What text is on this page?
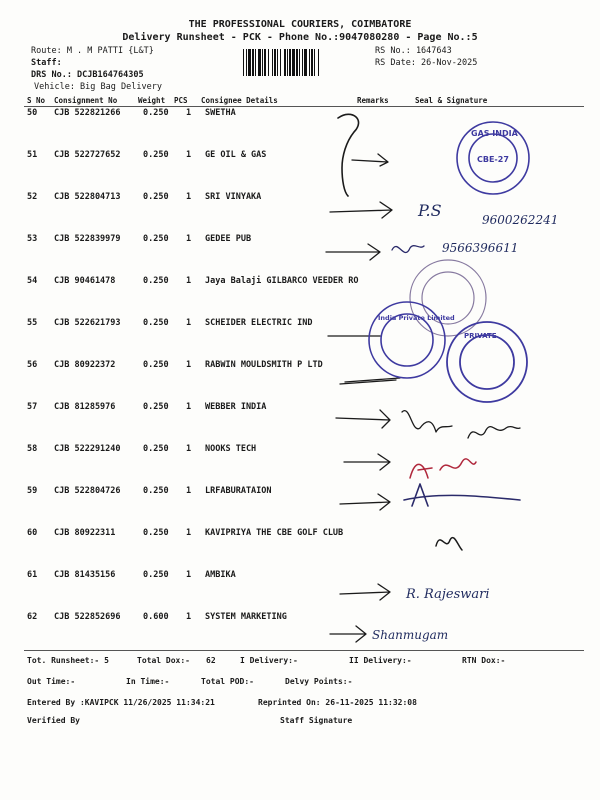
THE PROFESSIONAL COURIERS, COIMBATORE
Delivery Runsheet - PCK - Phone No.:9047080280 - Page No.:5
Route: M . M PATTI {L&T}
Staff:
DRS No.: DCJB164764305
Vehicle: Big Bag Delivery
RS No.: 1647643
RS Date: 26-Nov-2025
S No Consignment No	Weight PCS Consignee Details	Remarks	Seal & Signature
50 CJB 522821266	0.250 1 SWETHA
51 CJB 522727652	0.250 1 GE OIL & GAS
52 CJB 522804713	0.250 1 SRI VINYAKA
53 CJB 522839979	0.250 1 GEDEE PUB
54 CJB 90461478	0.250 1 Jaya Balaji GILBARCO VEEDER RO
55 CJB 522621793	0.250 1 SCHEIDER ELECTRIC IND
56 CJB 80922372	0.250 1 RABWIN MOULDSMITH P LTD
57 CJB 81285976	0.250 1 WEBBER INDIA
58 CJB 522291240	0.250 1 NOOKS TECH
59 CJB 522804726	0.250 1 LRFABURATAION
60 CJB 80922311	0.250 1 KAVIPRIYA THE CBE GOLF CLUB
61 CJB 81435156	0.250 1 AMBIKA
62 CJB 522852696	0.600 1 SYSTEM MARKETING
P.S	9600262241
9566396611
R. Rajeswari
Shanmugam
GAS INDIA
CBE-27
India Private Limited
PRIVATE
Tot. Runsheet:- 5	Total Dox:- 62	I Delivery:-	II Delivery:-	RTN Dox:-
Out Time:-	In Time:-	Total POD:-	Delvy Points:-
Entered By :KAVIPCK 11/26/2025 11:34:21	Reprinted On: 26-11-2025 11:32:08
Verified By	Staff Signature
